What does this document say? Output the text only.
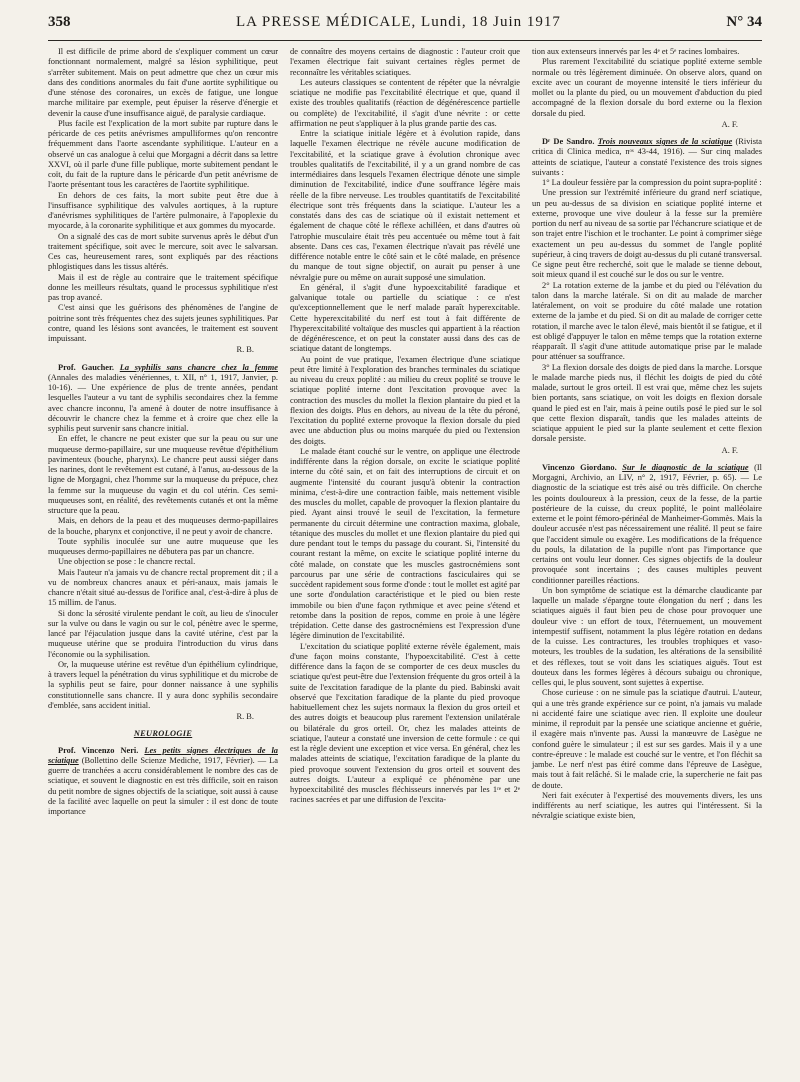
358	LA PRESSE MÉDICALE, Lundi, 18 Juin 1917	N° 34

Il est difficile de prime abord de s'expliquer comment un cœur fonctionnant normalement, malgré sa lésion syphilitique, peut s'arrêter subitement. Mais on peut admettre que chez un cœur mis dans des conditions anormales du fait d'une aortite syphilitique ou d'une sténose des coronaires, un excès de fatigue, une longue marche militaire par exemple, peut épuiser la réserve d'énergie et devenir la cause d'une insuffisance aiguë, de paralysie cardiaque.

Plus facile est l'explication de la mort subite par rupture dans le péricarde de ces petits anévrismes ampulliformes qu'on rencontre fréquemment dans l'aorte ascendante syphilitique. L'auteur en a observé un cas analogue à celui que Morgagni a décrit dans sa lettre XXVI, où il parle d'une fille publique, morte subitement pendant le coït, du fait de la rupture dans le péricarde d'un petit anévrisme de l'aorte présentant tous les caractères de l'aortite syphilitique.

En dehors de ces faits, la mort subite peut être due à l'insuffisance syphilitique des valvules aortiques, à la rupture d'anévrismes syphilitiques de l'artère pulmonaire, à l'apoplexie du myocarde, à la coronarite syphilitique et aux gommes du myocarde.

On a signalé des cas de mort subite survenus après le début d'un traitement spécifique, soit avec le mercure, soit avec le salvarsan. Ces cas, heureusement rares, sont expliqués par des réactions phlogistiques dans les tissus altérés.

Mais il est de règle au contraire que le traitement spécifique donne les meilleurs résultats, quand le processus syphilitique n'est pas trop avancé.

C'est ainsi que les guérisons des phénomènes de l'angine de poitrine sont très fréquentes chez des sujets jeunes syphilitiques. Par contre, quand les lésions sont avancées, le traitement est souvent impuissant.

R. B.

Prof. Gaucher. La syphilis sans chancre chez la femme (Annales des maladies vénériennes, t. XII, n° 1, 1917, Janvier, p. 10-16). — Une expérience de plus de trente années, pendant lesquelles l'auteur a vu tant de syphilis secondaires chez la femme avec chancre inconnu, l'a amené à douter de notre insuffisance à découvrir le chancre chez la femme et à croire que chez elle la syphilis peut survenir sans chancre initial.

En effet, le chancre ne peut exister que sur la peau ou sur une muqueuse dermo-papillaire, sur une muqueuse revêtue d'épithélium pavimenteux (bouche, pharynx). Le chancre peut aussi siéger dans les narines, dont le revêtement est cutané, à l'anus, au-dessous de la ligne de Morgagni, chez l'homme sur la muqueuse du prépuce, chez la femme sur la muqueuse du vagin et du col utérin. Ces semi-muqueuses sont, en réalité, des revêtements cutanés et ont la même structure que la peau.

Mais, en dehors de la peau et des muqueuses dermo-papillaires de la bouche, pharynx et conjonctive, il ne peut y avoir de chancre.

Toute syphilis inoculée sur une autre muqueuse que les muqueuses dermo-papillaires ne débutera pas par un chancre.

Une objection se pose : le chancre rectal.

Mais l'auteur n'a jamais vu de chancre rectal proprement dit ; il a vu de nombreux chancres anaux et péri-anaux, mais jamais le chancre n'était situé au-dessus de l'orifice anal, c'est-à-dire à plus de 15 millim. de l'anus.

Si donc la sérosité virulente pendant le coït, au lieu de s'inoculer sur la vulve ou dans le vagin ou sur le col, pénètre avec le sperme, lancé par l'éjaculation jusque dans la cavité utérine, c'est par la muqueuse utérine que se produira l'introduction du virus dans l'économie ou la syphilisation.

Or, la muqueuse utérine est revêtue d'un épithélium cylindrique, à travers lequel la pénétration du virus syphilitique et du microbe de la syphilis peut se faire, pour donner naissance à une syphilis constitutionnelle sans chancre. Il y aura donc syphilis secondaire d'emblée, sans accident initial.

R. B.
NEUROLOGIE

Prof. Vincenzo Neri. Les petits signes électriques de la sciatique (Bollettino delle Scienze Mediche, 1917, Février). — La guerre de tranchées a accru considérablement le nombre des cas de sciatique, et souvent le diagnostic en est très difficile, soit en raison du petit nombre de signes objectifs de la sciatique, soit aussi à cause de la facilité avec laquelle on peut la simuler : il est donc de toute importance

de connaître des moyens certains de diagnostic : l'auteur croit que l'examen électrique fait suivant certaines règles permet de reconnaître les véritables sciatiques.

Les auteurs classiques se contentent de répéter que la névralgie sciatique ne modifie pas l'excitabilité électrique et que, quand il existe des troubles qualitatifs (réaction de dégénérescence partielle ou complète) de l'excitabilité, il s'agit d'une névrite : or cette affirmation ne peut s'appliquer à la plus grande partie des cas.

Entre la sciatique initiale légère et à évolution rapide, dans laquelle l'examen électrique ne révèle aucune modification de l'excitabilité, et la sciatique grave à évolution chronique avec troubles qualitatifs de l'excitabilité, il y a un grand nombre de cas intermédiaires dans lesquels l'examen électrique dénote une simple diminution de l'excitabilité, indice d'une souffrance légère mais réelle de la fibre nerveuse. Les troubles quantitatifs de l'excitabilité électrique sont très fréquents dans la sciatique. L'auteur les a constatés dans des cas de sciatique où il existait nettement et également de chaque côté le réflexe achilléen, et dans d'autres où l'atrophie musculaire était très peu accentuée ou même tout à fait absente. Dans ces cas, l'examen électrique n'avait pas révélé une différence notable entre le côté sain et le côté malade, en présence du manque de tout signe objectif, on aurait pu penser à une névralgie pure ou même on aurait supposé une simulation.

En général, il s'agit d'une hypoexcitabilité faradique et galvanique totale ou partielle du sciatique : ce n'est qu'exceptionnellement que le nerf malade paraît hyperexcitable. Cette hyperexcitabilité du nerf est tout à fait différente de l'hyperexcitabilité voltaïque des muscles qui appartient à la réaction de dégénérescence, et on peut la constater aussi dans des cas de sciatique datant de longtemps.

Au point de vue pratique, l'examen électrique d'une sciatique peut être limité à l'exploration des branches terminales du sciatique au niveau du creux poplité : au milieu du creux poplité se trouve le sciatique poplité interne dont l'excitation provoque avec la contraction des muscles du mollet la flexion plantaire du pied et la flexion des doigts. Plus en dehors, au niveau de la tête du péroné, l'excitation du poplité externe provoque la flexion dorsale du pied avec une abduction plus ou moins marquée du pied ou l'extension des doigts.

Le malade étant couché sur le ventre, on applique une électrode indifférente dans la région dorsale, on excite le sciatique poplité interne du côté sain, et on fait des interruptions de circuit et on augmente l'intensité du courant jusqu'à obtenir la contraction minima, c'est-à-dire une contraction faible, mais nettement visible des muscles du mollet, capable de provoquer la flexion plantaire du pied. Ayant ainsi trouvé le seuil de l'excitation, la fermeture permanente du circuit détermine une contraction maxima, globale, tétanique des muscles du mollet et une flexion plantaire du pied qui dure pendant tout le temps du passage du courant. Si, l'intensité du courant restant la même, on excite le sciatique poplité interne du côté malade, on constate que les muscles gastrocnémiens sont parcourus par une série de contractions fasciculaires qui se succèdent rapidement sous forme d'onde : tout le mollet est agité par une sorte d'ondulation caractéristique et le pied ou bien reste immobile ou bien d'une façon rythmique et avec peine s'étend et retombe dans la position de repos, comme en proie à une légère trépidation. Cette danse des gastrocnémiens est l'expression d'une légère diminution de l'excitabilité.

L'excitation du sciatique poplité externe révèle également, mais d'une façon moins constante, l'hypoexcitabilité. C'est à cette différence dans la façon de se comporter de ces deux muscles du sciatique qu'est peut-être due l'extension fréquente du gros orteil à la suite de l'excitation faradique de la plante du pied. Babinski avait observé que l'excitation faradique de la plante du pied provoque habituellement chez les sujets normaux la flexion du gros orteil et des autres doigts et beaucoup plus rarement l'extension unilatérale ou bilatérale du gros orteil. Or, chez les malades atteints de sciatique, l'auteur a constaté une inversion de cette formule : ce qui est la règle devient une exception et vice versa. En général, chez les malades atteints de sciatique, l'excitation faradique de la plante du pied provoque souvent l'extension du gros orteil et souvent des autres doigts. L'auteur a expliqué ce phénomène par une hypoexcitabilité des muscles fléchisseurs innervés par les 1ʳᵉ et 2ᵉ racines sacrées et par une diffusion de l'excita-

tion aux extenseurs innervés par les 4ᵉ et 5ᵉ racines lombaires.

Plus rarement l'excitabilité du sciatique poplité externe semble normale ou très légèrement diminuée. On observe alors, quand on excite avec un courant de moyenne intensité le tiers inférieur du mollet ou la plante du pied, ou un mouvement d'abduction du pied accompagné de la flexion dorsale du bord externe ou la flexion dorsale du pied.

A. F.

Dʳ De Sandro. Trois nouveaux signes de la sciatique (Rivista critica di Clinica medica, nᵒˢ 43-44, 1916). — Sur cinq malades atteints de sciatique, l'auteur a constaté l'existence des trois signes suivants :

1° La douleur fessière par la compression du point supra-poplité :

Une pression sur l'extrémité inférieure du grand nerf sciatique, un peu au-dessus de sa division en sciatique poplité interne et externe, provoque une vive douleur à la fesse sur la première portion du nerf au niveau de sa sortie par l'échancrure sciatique et de son trajet entre l'ischion et le trochanter. Le point à comprimer siège exactement un peu au-dessus du sommet de l'angle poplité supérieur, à cinq travers de doigt au-dessus du pli cutané transversal. Ce signe peut être recherché, soit que le malade se tienne debout, soit mieux quand il est couché sur le dos ou sur le ventre.

2° La rotation externe de la jambe et du pied ou l'élévation du talon dans la marche latérale. Si on dit au malade de marcher latéralement, on voit se produire du côté malade une rotation externe de la jambe et du pied. Si on dit au malade de corriger cette rotation, il marche avec le talon élevé, mais bientôt il se fatigue, et il est obligé d'appuyer le talon en même temps que la rotation externe réapparaît. Il s'agit d'une attitude automatique prise par le malade pour atténuer sa souffrance.

3° La flexion dorsale des doigts de pied dans la marche. Lorsque le malade marche pieds nus, il fléchit les doigts de pied du côté malade, surtout le gros orteil. Il est vrai que, même chez les sujets bien portants, sans sciatique, on voit les doigts en flexion dorsale quand le pied est en l'air, mais à peine outils posé le pied sur le sol que cette flexion disparaît, tandis que les malades atteints de sciatique appuient le pied sur la plante seulement et cette flexion dorsale persiste.

A. F.

Vincenzo Giordano. Sur le diagnostic de la sciatique (Il Morgagni, Archivio, an LIV, n° 2, 1917, Février, p. 65). — Le diagnostic de la sciatique est très aisé ou très difficile. On cherche les points douloureux à la pression, ceux de la fesse, de la partie postérieure de la cuisse, du creux poplité, le point malléolaire externe et le point fémoro-périnéal de Manheimer-Gommès. Mais la douleur accusée n'est pas nécessairement une réalité. Il peut se faire que l'accident simule ou exagère. Les modifications de la fréquence du pouls, la dilatation de la pupille n'ont pas l'importance que certains ont voulu leur donner. Ces signes objectifs de la douleur provoquée sont incertains ; des causes multiples peuvent conditionner pareilles réactions.

Un bon symptôme de sciatique est la démarche claudicante par laquelle un malade s'épargne toute élongation du nerf ; dans les sciatiques aiguës il faut bien peu de chose pour provoquer une douleur vive : un effort de toux, l'éternuement, un mouvement intempestif suffisent, notamment la plus légère rotation en dedans de la cuisse. Les contractures, les troubles trophiques et vaso-moteurs, les troubles de la sudation, les altérations de la sensibilité et des réflexes, tout se voit dans les sciatiques aiguës. Tout est douteux dans les formes légères à décours subaigu ou chronique, celles qui, le plus souvent, sont sujettes à expertise.

Chose curieuse : on ne simule pas la sciatique d'autrui. L'auteur, qui a une très grande expérience sur ce point, n'a jamais vu malade ni accidenté faire une sciatique avec rien. Il exploite une douleur minime, il reproduit par la pensée une sciatique ancienne et guérie, il exagère mais n'invente pas. Aussi la manœuvre de Lasègue ne confond guère le simulateur ; il est sur ses gardes. Mais il y a une contre-épreuve : le malade est couché sur le ventre, et l'on fléchit sa jambe. Le nerf n'est pas étiré comme dans l'épreuve de Lasègue, mais tout à fait relâché. Si le malade crie, la supercherie ne fait pas de doute.

Neri fait exécuter à l'expertisé des mouvements divers, les uns indifférents au nerf sciatique, les autres qui l'intéressent. Si la névralgie sciatique existe bien,
